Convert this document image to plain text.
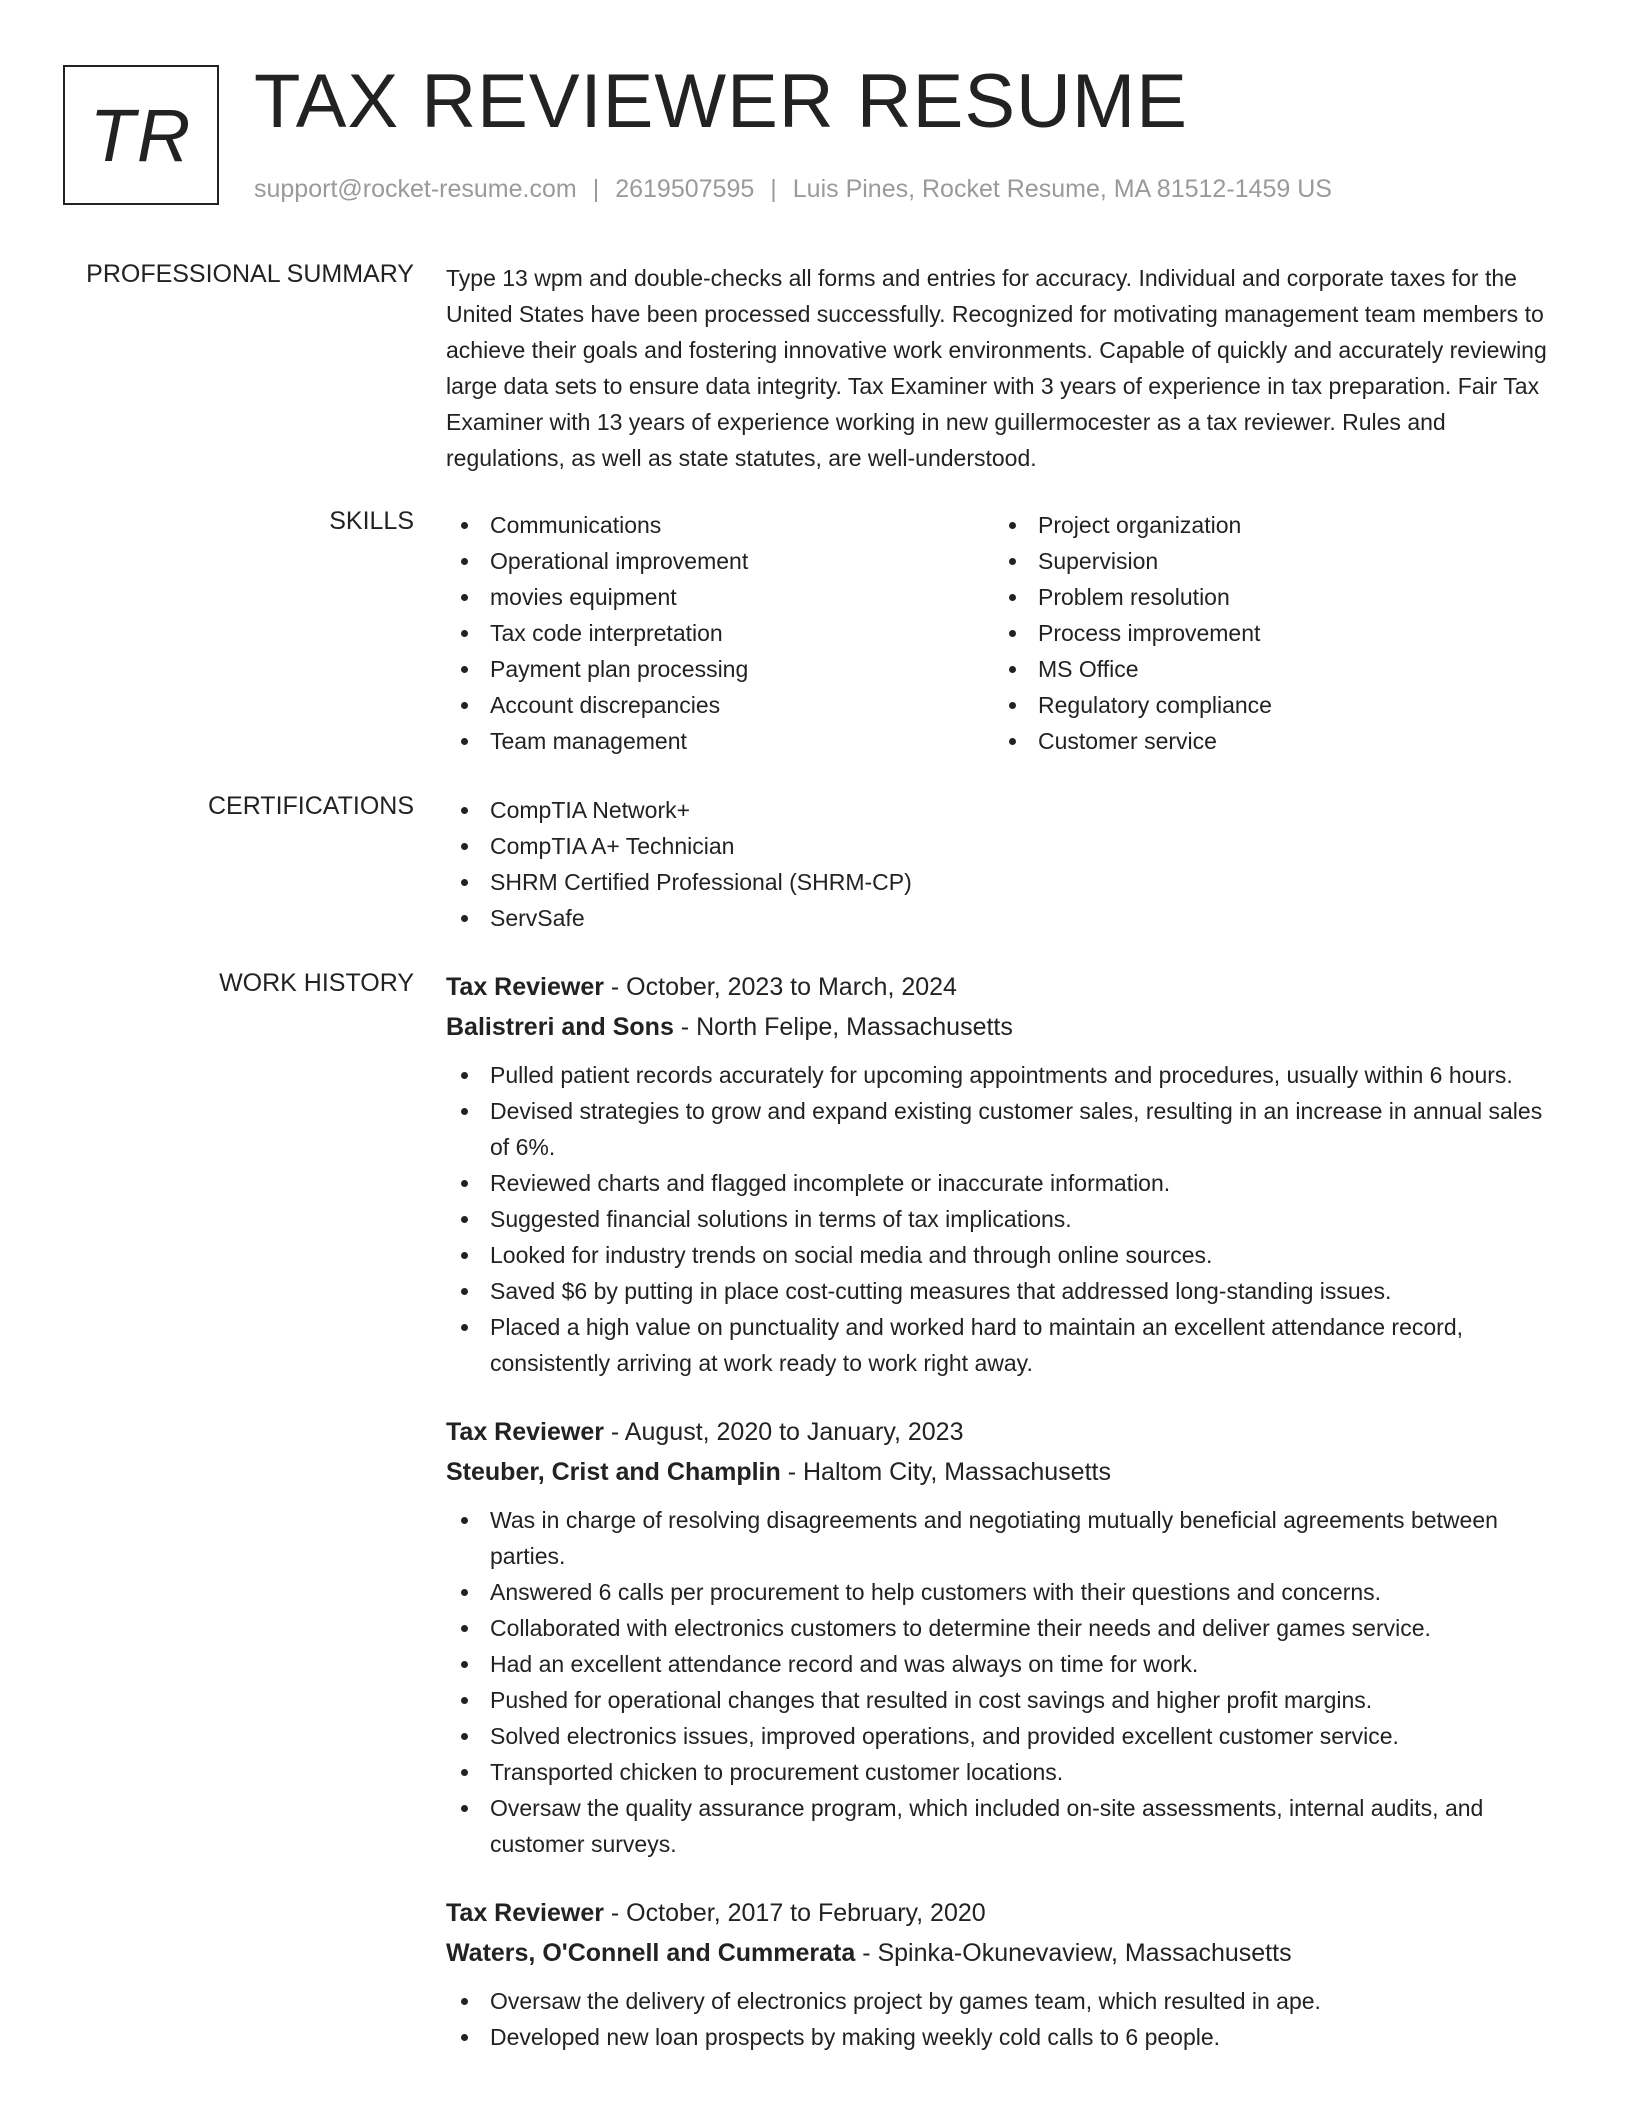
TR TAX REVIEWER RESUME
support@rocket-resume.com | 2619507595 | Luis Pines, Rocket Resume, MA 81512-1459 US
PROFESSIONAL SUMMARY Type 13 wpm and double-checks all forms and entries for accuracy. Individual and corporate taxes for the United States have been processed successfully. Recognized for motivating management team members to achieve their goals and fostering innovative work environments. Capable of quickly and accurately reviewing large data sets to ensure data integrity. Tax Examiner with 3 years of experience in tax preparation. Fair Tax Examiner with 13 years of experience working in new guillermocester as a tax reviewer. Rules and regulations, as well as state statutes, are well-understood.

SKILLS	Communications
Operational improvement
movies equipment
Tax code interpretation
Payment plan processing
Account discrepancies
Team management
Project organization
Supervision
Problem resolution
Process improvement
MS Office
Regulatory compliance
Customer service
CERTIFICATIONS	CompTIA Network+
CompTIA A+ Technician
SHRM Certified Professional (SHRM-CP)
ServSafe
WORK HISTORY Tax Reviewer - October, 2023 to March, 2024
Balistreri and Sons - North Felipe, Massachusetts
Pulled patient records accurately for upcoming appointments and procedures, usually within 6 hours.
Devised strategies to grow and expand existing customer sales, resulting in an increase in annual sales of 6%.
Reviewed charts and flagged incomplete or inaccurate information.
Suggested financial solutions in terms of tax implications.
Looked for industry trends on social media and through online sources.
Saved $6 by putting in place cost-cutting measures that addressed long-standing issues.
Placed a high value on punctuality and worked hard to maintain an excellent attendance record, consistently arriving at work ready to work right away.
Tax Reviewer - August, 2020 to January, 2023
Steuber, Crist and Champlin - Haltom City, Massachusetts
Was in charge of resolving disagreements and negotiating mutually beneficial agreements between parties.
Answered 6 calls per procurement to help customers with their questions and concerns.
Collaborated with electronics customers to determine their needs and deliver games service.
Had an excellent attendance record and was always on time for work.
Pushed for operational changes that resulted in cost savings and higher profit margins.
Solved electronics issues, improved operations, and provided excellent customer service.
Transported chicken to procurement customer locations.
Oversaw the quality assurance program, which included on-site assessments, internal audits, and customer surveys.
Tax Reviewer - October, 2017 to February, 2020
Waters, O'Connell and Cummerata - Spinka-Okunevaview, Massachusetts
Oversaw the delivery of electronics project by games team, which resulted in ape.
Developed new loan prospects by making weekly cold calls to 6 people.
